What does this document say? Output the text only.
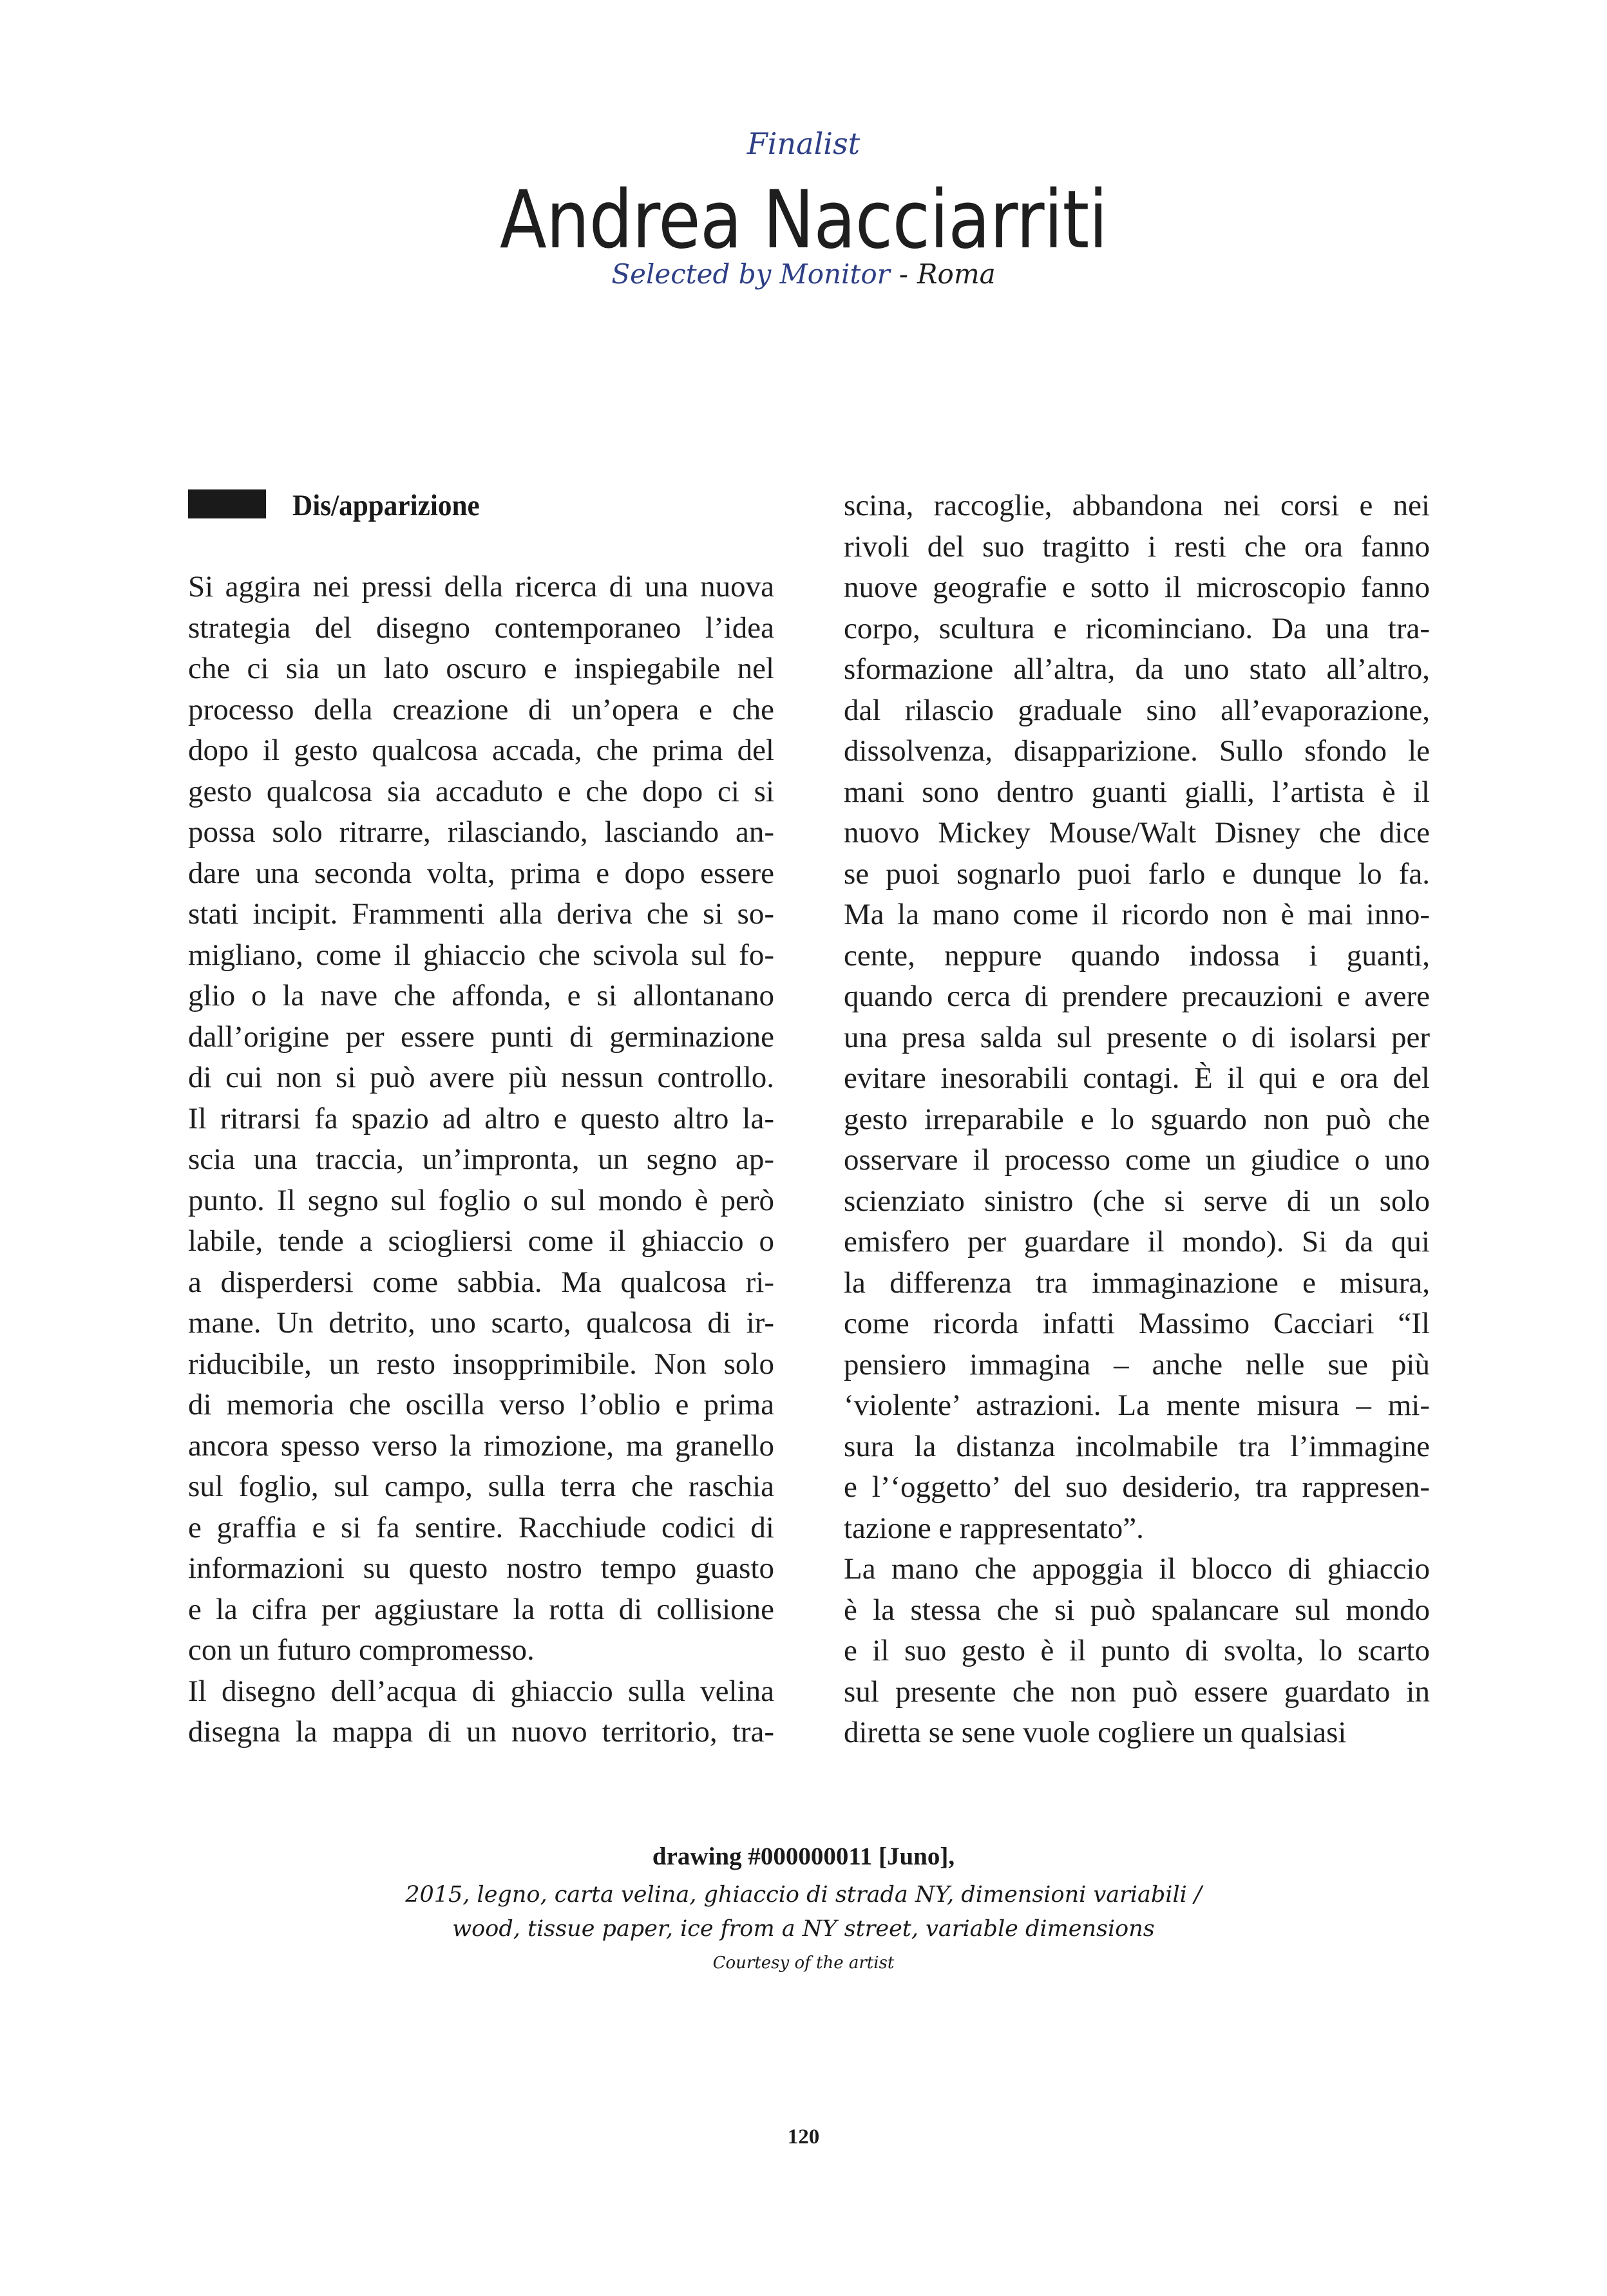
Finalist
Andrea Nacciarriti
Selected by Monitor - Roma
Dis/apparizione
Si aggira nei pressi della ricerca di una nuova
strategia del disegno contemporaneo l’idea
che ci sia un lato oscuro e inspiegabile nel
processo della creazione di un’opera e che
dopo il gesto qualcosa accada, che prima del
gesto qualcosa sia accaduto e che dopo ci si
possa solo ritrarre, rilasciando, lasciando an-
dare una seconda volta, prima e dopo essere
stati incipit. Frammenti alla deriva che si so-
migliano, come il ghiaccio che scivola sul fo-
glio o la nave che affonda, e si allontanano
dall’origine per essere punti di germinazione
di cui non si può avere più nessun controllo.
Il ritrarsi fa spazio ad altro e questo altro la-
scia una traccia, un’impronta, un segno ap-
punto. Il segno sul foglio o sul mondo è però
labile, tende a sciogliersi come il ghiaccio o
a disperdersi come sabbia. Ma qualcosa ri-
mane. Un detrito, uno scarto, qualcosa di ir-
riducibile, un resto insopprimibile. Non solo
di memoria che oscilla verso l’oblio e prima
ancora spesso verso la rimozione, ma granello
sul foglio, sul campo, sulla terra che raschia
e graffia e si fa sentire. Racchiude codici di
informazioni su questo nostro tempo guasto
e la cifra per aggiustare la rotta di collisione
con un futuro compromesso.
Il disegno dell’acqua di ghiaccio sulla velina
disegna la mappa di un nuovo territorio, tra-
scina, raccoglie, abbandona nei corsi e nei
rivoli del suo tragitto i resti che ora fanno
nuove geografie e sotto il microscopio fanno
corpo, scultura e ricominciano. Da una tra-
sformazione all’altra, da uno stato all’altro,
dal rilascio graduale sino all’evaporazione,
dissolvenza, disapparizione. Sullo sfondo le
mani sono dentro guanti gialli, l’artista è il
nuovo Mickey Mouse/Walt Disney che dice
se puoi sognarlo puoi farlo e dunque lo fa.
Ma la mano come il ricordo non è mai inno-
cente, neppure quando indossa i guanti,
quando cerca di prendere precauzioni e avere
una presa salda sul presente o di isolarsi per
evitare inesorabili contagi. È il qui e ora del
gesto irreparabile e lo sguardo non può che
osservare il processo come un giudice o uno
scienziato sinistro (che si serve di un solo
emisfero per guardare il mondo). Si da qui
la differenza tra immaginazione e misura,
come ricorda infatti Massimo Cacciari “Il
pensiero immagina – anche nelle sue più
‘violente’ astrazioni. La mente misura – mi-
sura la distanza incolmabile tra l’immagine
e l’‘oggetto’ del suo desiderio, tra rappresen-
tazione e rappresentato”.
La mano che appoggia il blocco di ghiaccio
è la stessa che si può spalancare sul mondo
e il suo gesto è il punto di svolta, lo scarto
sul presente che non può essere guardato in
diretta se sene vuole cogliere un qualsiasi
drawing #000000011 [Juno],
2015, legno, carta velina, ghiaccio di strada NY, dimensioni variabili /
wood, tissue paper, ice from a NY street, variable dimensions
Courtesy of the artist
120
